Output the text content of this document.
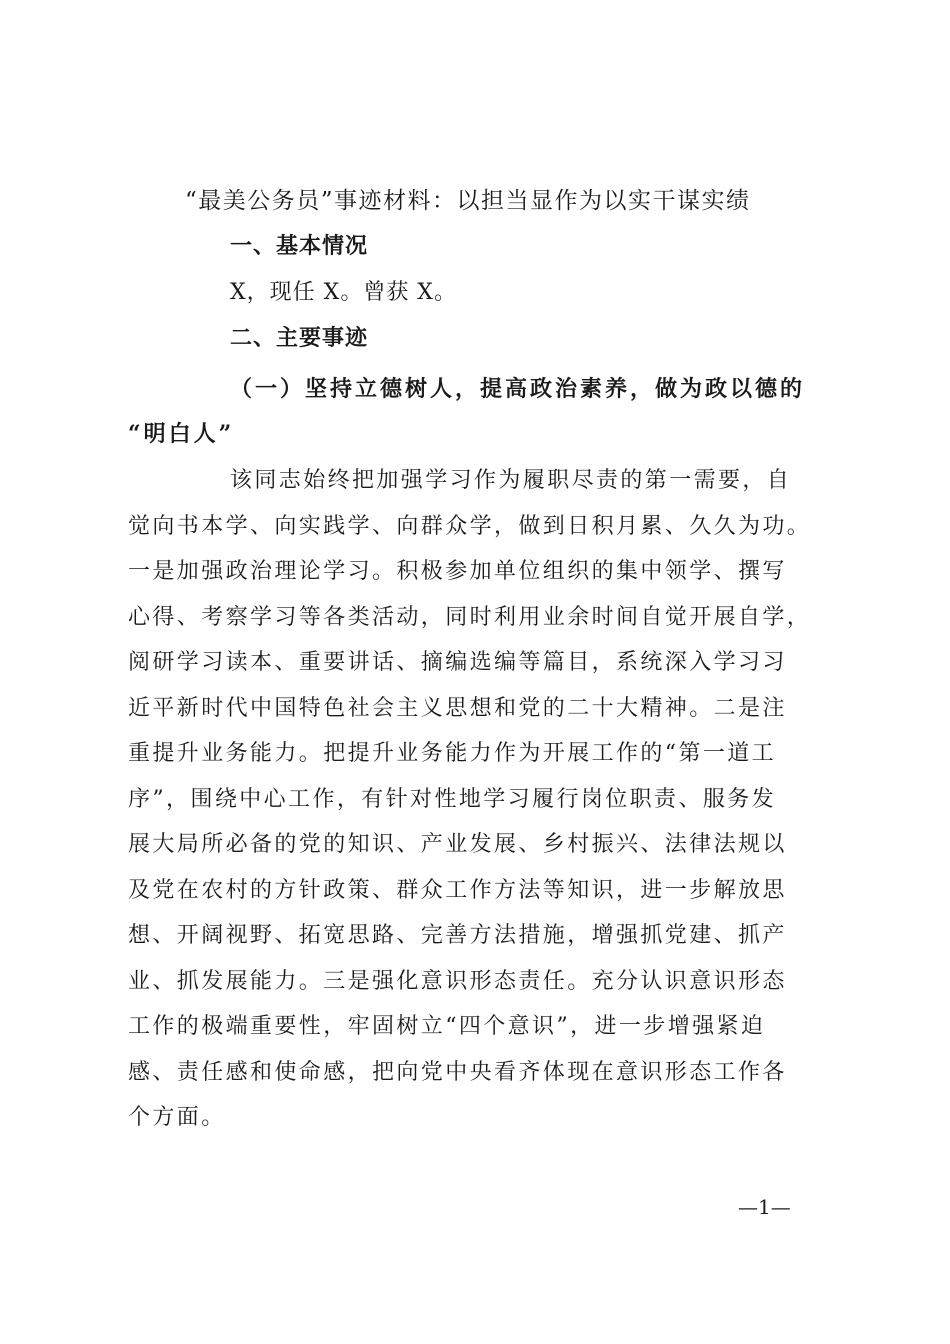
“最美公务员”事迹材料：以担当显作为以实干谋实绩
一、基本情况
X，现任 X。曾获 X。
二、主要事迹
（一）坚持立德树人，提高政治素养，做为政以德的
“明白人”
该同志始终把加强学习作为履职尽责的第一需要，自
觉向书本学、向实践学、向群众学，做到日积月累、久久为功。
一是加强政治理论学习。积极参加单位组织的集中领学、撰写
心得、考察学习等各类活动，同时利用业余时间自觉开展自学，
阅研学习读本、重要讲话、摘编选编等篇目，系统深入学习习
近平新时代中国特色社会主义思想和党的二十大精神。二是注
重提升业务能力。把提升业务能力作为开展工作的“第一道工
序”，围绕中心工作，有针对性地学习履行岗位职责、服务发
展大局所必备的党的知识、产业发展、乡村振兴、法律法规以
及党在农村的方针政策、群众工作方法等知识，进一步解放思
想、开阔视野、拓宽思路、完善方法措施，增强抓党建、抓产
业、抓发展能力。三是强化意识形态责任。充分认识意识形态
工作的极端重要性，牢固树立“四个意识”，进一步增强紧迫
感、责任感和使命感，把向党中央看齐体现在意识形态工作各
个方面。
—1—
